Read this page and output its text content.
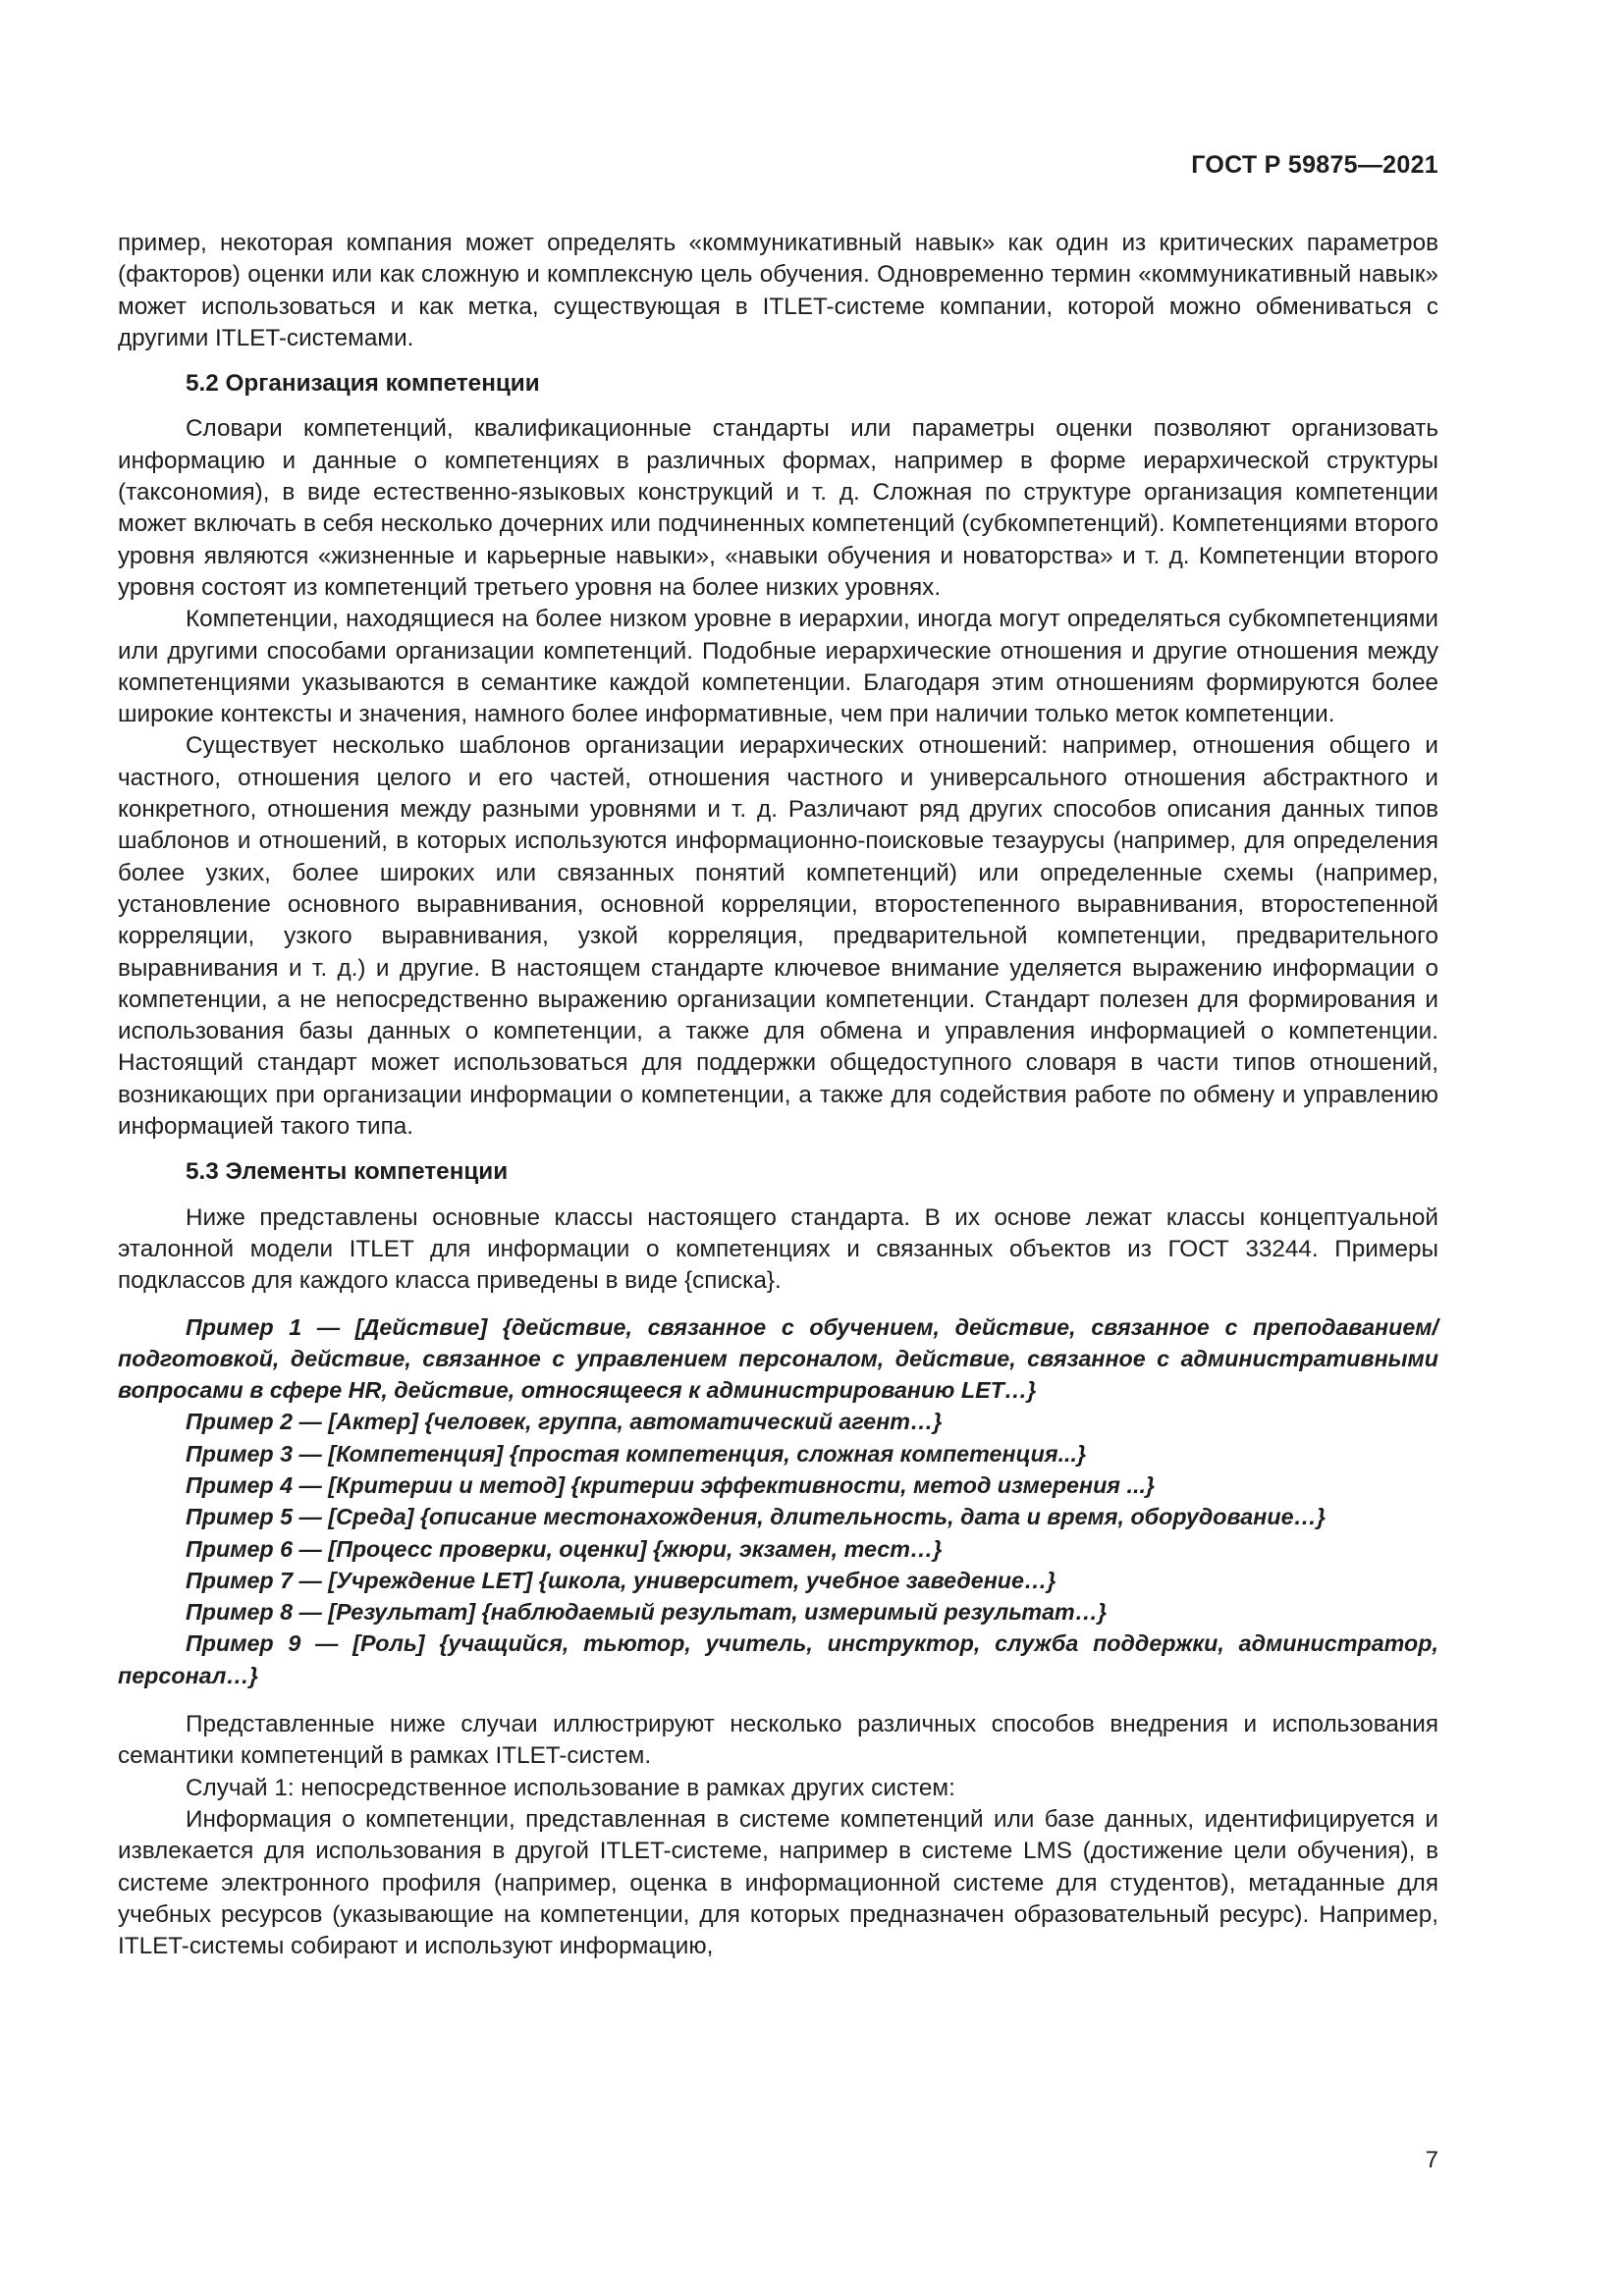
ГОСТ Р 59875—2021

пример, некоторая компания может определять «коммуникативный навык» как один из критических параметров (факторов) оценки или как сложную и комплексную цель обучения. Одновременно термин «коммуникативный навык» может использоваться и как метка, существующая в ITLET-системе компании, которой можно обмениваться с другими ITLET-системами.

5.2 Организация компетенции

Словари компетенций, квалификационные стандарты или параметры оценки позволяют организовать информацию и данные о компетенциях в различных формах, например в форме иерархической структуры (таксономия), в виде естественно-языковых конструкций и т. д. Сложная по структуре организация компетенции может включать в себя несколько дочерних или подчиненных компетенций (субкомпетенций). Компетенциями второго уровня являются «жизненные и карьерные навыки», «навыки обучения и новаторства» и т. д. Компетенции второго уровня состоят из компетенций третьего уровня на более низких уровнях.

Компетенции, находящиеся на более низком уровне в иерархии, иногда могут определяться субкомпетенциями или другими способами организации компетенций. Подобные иерархические отношения и другие отношения между компетенциями указываются в семантике каждой компетенции. Благодаря этим отношениям формируются более широкие контексты и значения, намного более информативные, чем при наличии только меток компетенции.

Существует несколько шаблонов организации иерархических отношений: например, отношения общего и частного, отношения целого и его частей, отношения частного и универсального отношения абстрактного и конкретного, отношения между разными уровнями и т. д. Различают ряд других способов описания данных типов шаблонов и отношений, в которых используются информационно-поисковые тезаурусы (например, для определения более узких, более широких или связанных понятий компетенций) или определенные схемы (например, установление основного выравнивания, основной корреляции, второстепенного выравнивания, второстепенной корреляции, узкого выравнивания, узкой корреляция, предварительной компетенции, предварительного выравнивания и т. д.) и другие. В настоящем стандарте ключевое внимание уделяется выражению информации о компетенции, а не непосредственно выражению организации компетенции. Стандарт полезен для формирования и использования базы данных о компетенции, а также для обмена и управления информацией о компетенции. Настоящий стандарт может использоваться для поддержки общедоступного словаря в части типов отношений, возникающих при организации информации о компетенции, а также для содействия работе по обмену и управлению информацией такого типа.

5.3 Элементы компетенции

Ниже представлены основные классы настоящего стандарта. В их основе лежат классы концептуальной эталонной модели ITLET для информации о компетенциях и связанных объектов из ГОСТ 33244. Примеры подклассов для каждого класса приведены в виде {списка}.

Пример 1 — [Действие] {действие, связанное с обучением, действие, связанное с преподаванием/подготовкой, действие, связанное с управлением персоналом, действие, связанное с административными вопросами в сфере HR, действие, относящееся к администрированию LET…}

Пример 2 — [Актер] {человек, группа, автоматический агент…}

Пример 3 — [Компетенция] {простая компетенция, сложная компетенция...}

Пример 4 — [Критерии и метод] {критерии эффективности, метод измерения ...}

Пример 5 — [Среда] {описание местонахождения, длительность, дата и время, оборудование…}

Пример 6 — [Процесс проверки, оценки] {жюри, экзамен, тест…}

Пример 7 — [Учреждение LET] {школа, университет, учебное заведение…}

Пример 8 — [Результат] {наблюдаемый результат, измеримый результат…}

Пример 9 — [Роль] {учащийся, тьютор, учитель, инструктор, служба поддержки, администратор, персонал…}

Представленные ниже случаи иллюстрируют несколько различных способов внедрения и использования семантики компетенций в рамках ITLET-систем.

Случай 1: непосредственное использование в рамках других систем:

Информация о компетенции, представленная в системе компетенций или базе данных, идентифицируется и извлекается для использования в другой ITLET-системе, например в системе LMS (достижение цели обучения), в системе электронного профиля (например, оценка в информационной системе для студентов), метаданные для учебных ресурсов (указывающие на компетенции, для которых предназначен образовательный ресурс). Например, ITLET-системы собирают и используют информацию,

7
